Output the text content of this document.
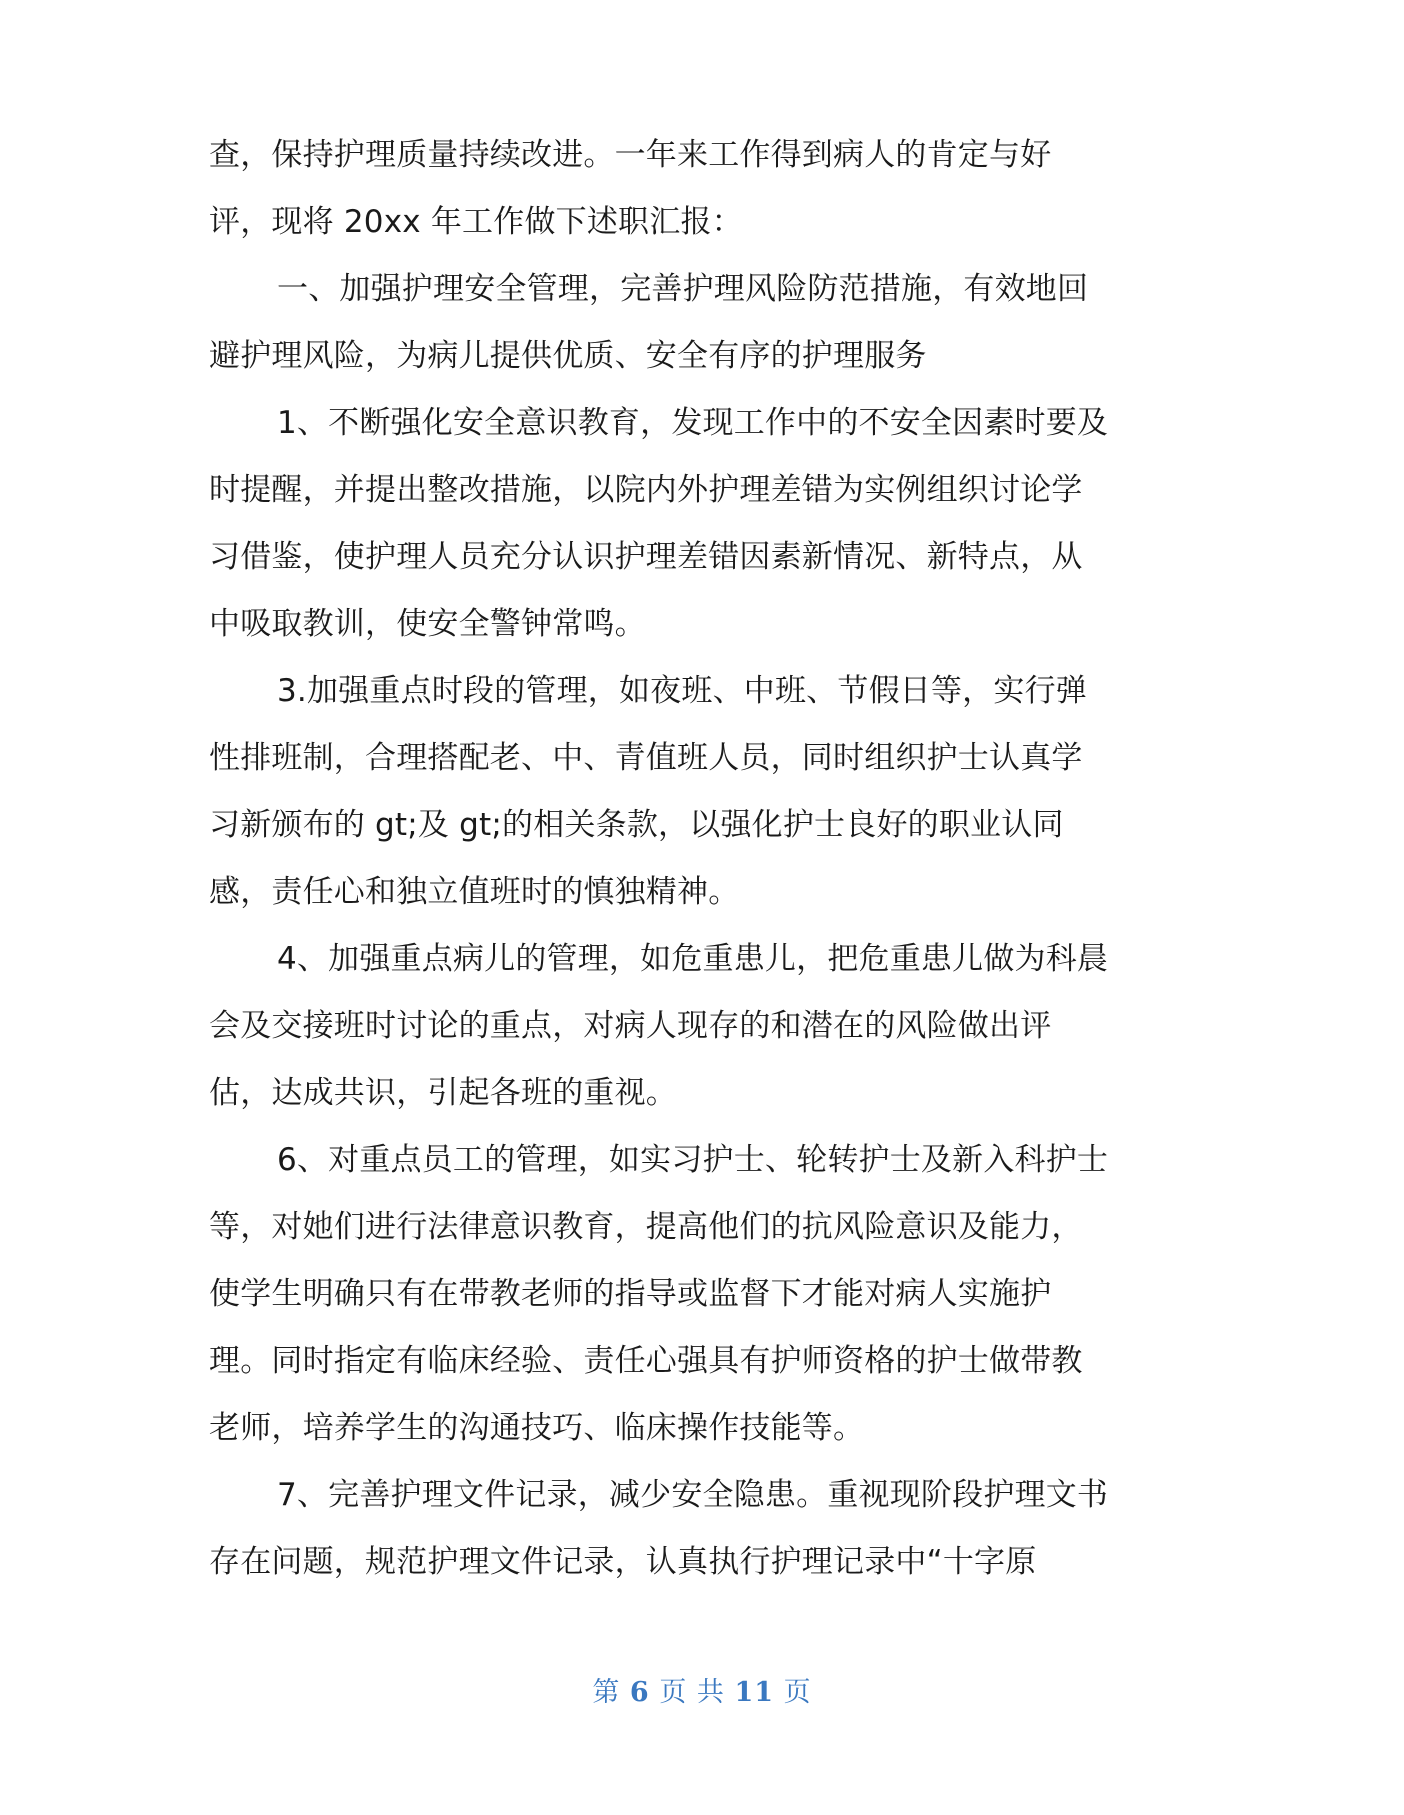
查，保持护理质量持续改进。一年来工作得到病人的肯定与好
评，现将 20xx 年工作做下述职汇报：
一、加强护理安全管理，完善护理风险防范措施，有效地回
避护理风险，为病儿提供优质、安全有序的护理服务
1、不断强化安全意识教育，发现工作中的不安全因素时要及
时提醒，并提出整改措施，以院内外护理差错为实例组织讨论学
习借鉴，使护理人员充分认识护理差错因素新情况、新特点，从
中吸取教训，使安全警钟常鸣。
3.加强重点时段的管理，如夜班、中班、节假日等，实行弹
性排班制，合理搭配老、中、青值班人员，同时组织护士认真学
习新颁布的 gt;及 gt;的相关条款，以强化护士良好的职业认同
感，责任心和独立值班时的慎独精神。
4、加强重点病儿的管理，如危重患儿，把危重患儿做为科晨
会及交接班时讨论的重点，对病人现存的和潜在的风险做出评
估，达成共识，引起各班的重视。
6、对重点员工的管理，如实习护士、轮转护士及新入科护士
等，对她们进行法律意识教育，提高他们的抗风险意识及能力，
使学生明确只有在带教老师的指导或监督下才能对病人实施护
理。同时指定有临床经验、责任心强具有护师资格的护士做带教
老师，培养学生的沟通技巧、临床操作技能等。
7、完善护理文件记录，减少安全隐患。重视现阶段护理文书
存在问题，规范护理文件记录，认真执行护理记录中“十字原
第 6 页 共 11 页
